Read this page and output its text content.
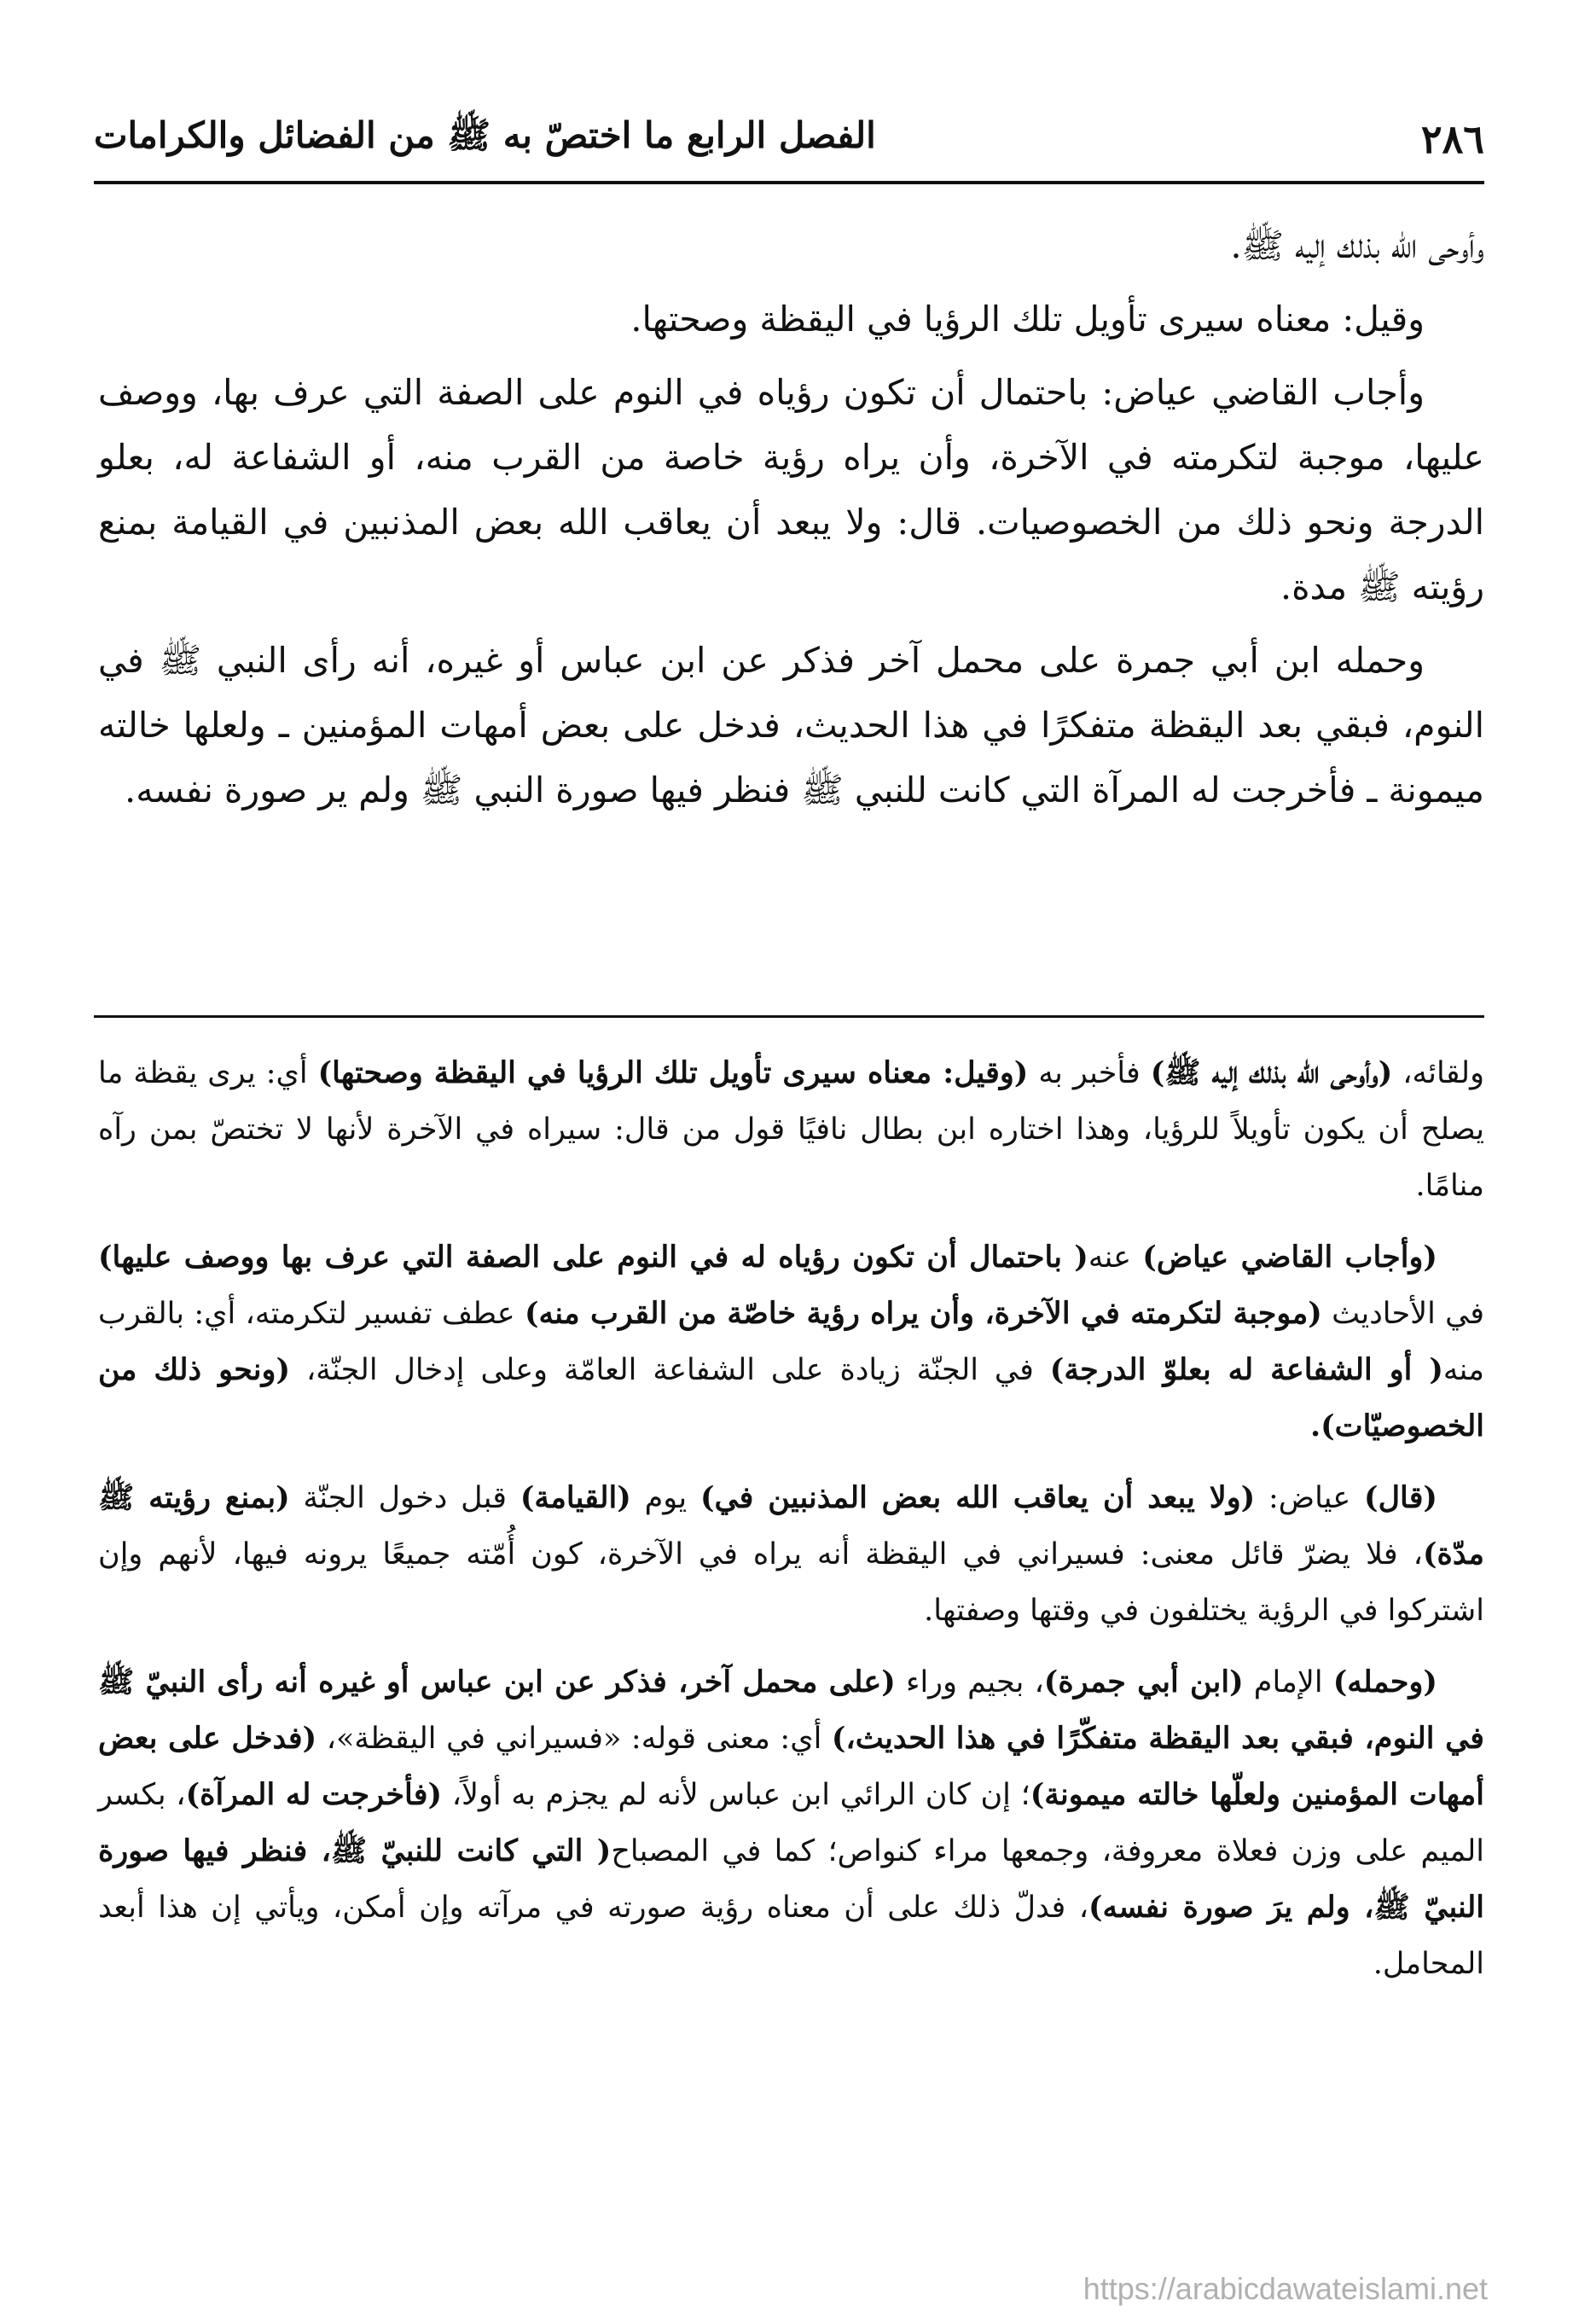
٢٨٦
الفصل الرابع ما اختصّ به ﷺ من الفضائل والكرامات

وأوحى الله بذلك إليه ﷺ.

وقيل: معناه سيرى تأويل تلك الرؤيا في اليقظة وصحتها.

وأجاب القاضي عياض: باحتمال أن تكون رؤياه في النوم على الصفة التي عرف بها، ووصف عليها، موجبة لتكرمته في الآخرة، وأن يراه رؤية خاصة من القرب منه، أو الشفاعة له، بعلو الدرجة ونحو ذلك من الخصوصيات. قال: ولا يبعد أن يعاقب الله بعض المذنبين في القيامة بمنع رؤيته ﷺ مدة.

وحمله ابن أبي جمرة على محمل آخر فذكر عن ابن عباس أو غيره، أنه رأى النبي ﷺ في النوم، فبقي بعد اليقظة متفكرًا في هذا الحديث، فدخل على بعض أمهات المؤمنين ـ ولعلها خالته ميمونة ـ فأخرجت له المرآة التي كانت للنبي ﷺ فنظر فيها صورة النبي ﷺ ولم ير صورة نفسه.

ولقائه، (وأوحى الله بذلك إليه ﷺ) فأخبر به (وقيل: معناه سيرى تأويل تلك الرؤيا في اليقظة وصحتها) أي: يرى يقظة ما يصلح أن يكون تأويلاً للرؤيا، وهذا اختاره ابن بطال نافيًا قول من قال: سيراه في الآخرة لأنها لا تختصّ بمن رآه منامًا.

(وأجاب القاضي عياض) عنه( باحتمال أن تكون رؤياه له في النوم على الصفة التي عرف بها ووصف عليها) في الأحاديث (موجبة لتكرمته في الآخرة، وأن يراه رؤية خاصّة من القرب منه) عطف تفسير لتكرمته، أي: بالقرب منه( أو الشفاعة له بعلوّ الدرجة) في الجنّة زيادة على الشفاعة العامّة وعلى إدخال الجنّة، (ونحو ذلك من الخصوصيّات).

(قال) عياض: (ولا يبعد أن يعاقب الله بعض المذنبين في) يوم (القيامة) قبل دخول الجنّة (بمنع رؤيته ﷺ مدّة)، فلا يضرّ قائل معنى: فسيراني في اليقظة أنه يراه في الآخرة، كون أُمّته جميعًا يرونه فيها، لأنهم وإن اشتركوا في الرؤية يختلفون في وقتها وصفتها.

(وحمله) الإمام (ابن أبي جمرة)، بجيم وراء (على محمل آخر، فذكر عن ابن عباس أو غيره أنه رأى النبيّ ﷺ في النوم، فبقي بعد اليقظة متفكّرًا في هذا الحديث،) أي: معنى قوله: «فسيراني في اليقظة»، (فدخل على بعض أمهات المؤمنين ولعلّها خالته ميمونة)؛ إن كان الرائي ابن عباس لأنه لم يجزم به أولاً، (فأخرجت له المرآة)، بكسر الميم على وزن فعلاة معروفة، وجمعها مراء كنواص؛ كما في المصباح( التي كانت للنبيّ ﷺ، فنظر فيها صورة النبيّ ﷺ، ولم يرَ صورة نفسه)، فدلّ ذلك على أن معناه رؤية صورته في مرآته وإن أمكن، ويأتي إن هذا أبعد المحامل.

https://arabicdawateislami.net
